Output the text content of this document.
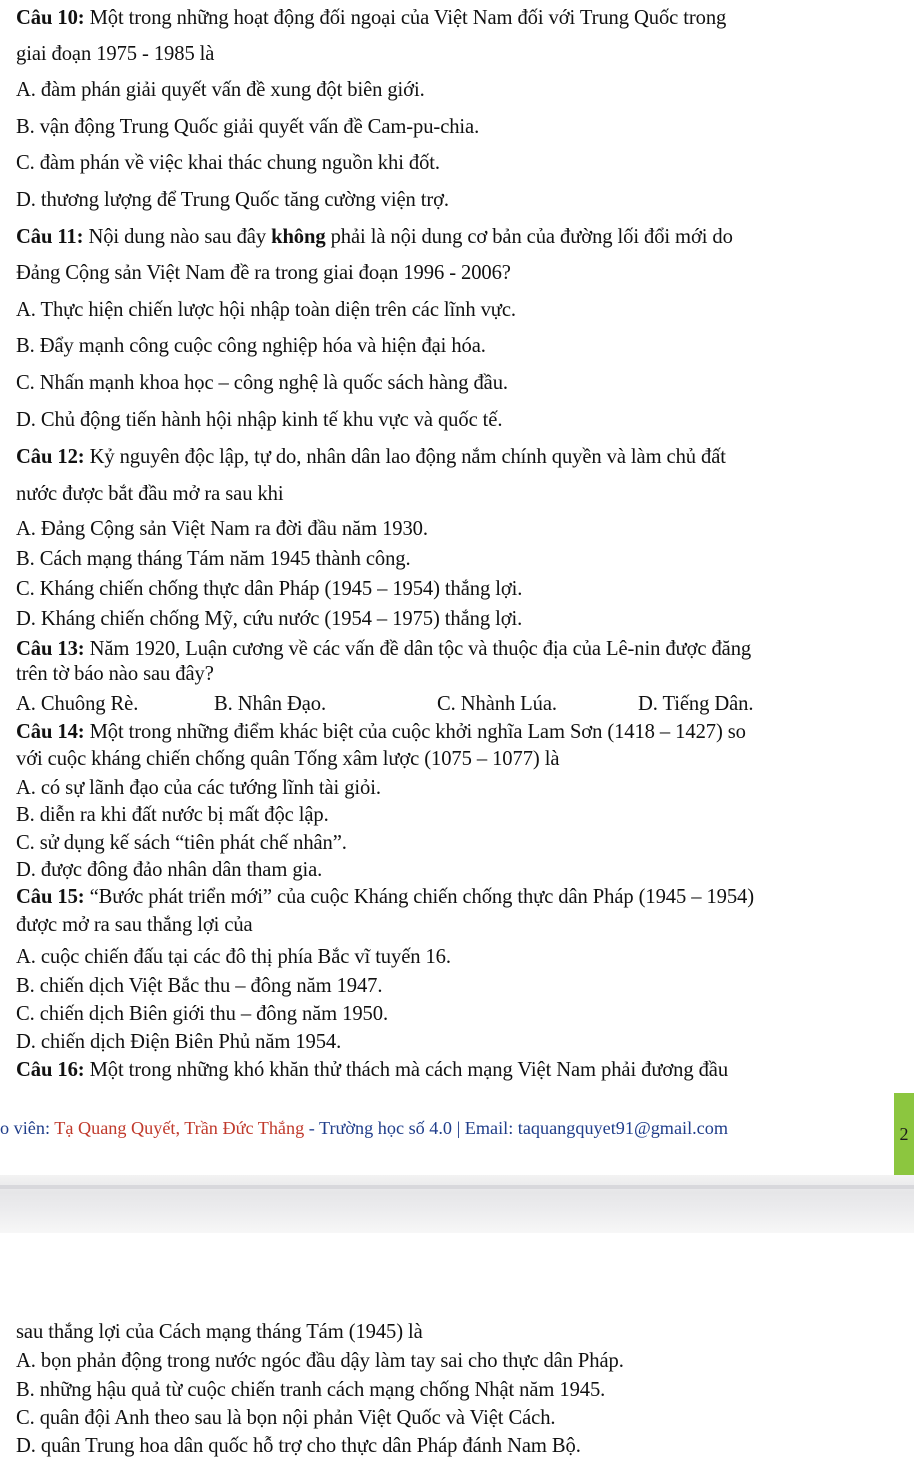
Câu 10: Một trong những hoạt động đối ngoại của Việt Nam đối với Trung Quốc trong
giai đoạn 1975 - 1985 là
A. đàm phán giải quyết vấn đề xung đột biên giới.
B. vận động Trung Quốc giải quyết vấn đề Cam-pu-chia.
C. đàm phán về việc khai thác chung nguồn khi đốt.
D. thương lượng để Trung Quốc tăng cường viện trợ.
Câu 11: Nội dung nào sau đây không phải là nội dung cơ bản của đường lối đổi mới do
Đảng Cộng sản Việt Nam đề ra trong giai đoạn 1996 - 2006?
A. Thực hiện chiến lược hội nhập toàn diện trên các lĩnh vực.
B. Đẩy mạnh công cuộc công nghiệp hóa và hiện đại hóa.
C. Nhấn mạnh khoa học – công nghệ là quốc sách hàng đầu.
D. Chủ động tiến hành hội nhập kinh tế khu vực và quốc tế.
Câu 12: Kỷ nguyên độc lập, tự do, nhân dân lao động nắm chính quyền và làm chủ đất
nước được bắt đầu mở ra sau khi
A. Đảng Cộng sản Việt Nam ra đời đầu năm 1930.
B. Cách mạng tháng Tám năm 1945 thành công.
C. Kháng chiến chống thực dân Pháp (1945 – 1954) thắng lợi.
D. Kháng chiến chống Mỹ, cứu nước (1954 – 1975) thắng lợi.
Câu 13: Năm 1920, Luận cương về các vấn đề dân tộc và thuộc địa của Lê-nin được đăng
trên tờ báo nào sau đây?
A. Chuông Rè.	B. Nhân Đạo.	C. Nhành Lúa.	D. Tiếng Dân.
Câu 14: Một trong những điểm khác biệt của cuộc khởi nghĩa Lam Sơn (1418 – 1427) so
với cuộc kháng chiến chống quân Tống xâm lược (1075 – 1077) là
A. có sự lãnh đạo của các tướng lĩnh tài giỏi.
B. diễn ra khi đất nước bị mất độc lập.
C. sử dụng kế sách “tiên phát chế nhân”.
D. được đông đảo nhân dân tham gia.
Câu 15: “Bước phát triển mới” của cuộc Kháng chiến chống thực dân Pháp (1945 – 1954)
được mở ra sau thắng lợi của
A. cuộc chiến đấu tại các đô thị phía Bắc vĩ tuyến 16.
B. chiến dịch Việt Bắc thu – đông năm 1947.
C. chiến dịch Biên giới thu – đông năm 1950.
D. chiến dịch Điện Biên Phủ năm 1954.
Câu 16: Một trong những khó khăn thử thách mà cách mạng Việt Nam phải đương đầu
o viên: Tạ Quang Quyết, Trần Đức Thắng - Trường học số 4.0 | Email: taquangquyet91@gmail.com	2
sau thắng lợi của Cách mạng tháng Tám (1945) là
A. bọn phản động trong nước ngóc đầu dậy làm tay sai cho thực dân Pháp.
B. những hậu quả từ cuộc chiến tranh cách mạng chống Nhật năm 1945.
C. quân đội Anh theo sau là bọn nội phản Việt Quốc và Việt Cách.
D. quân Trung hoa dân quốc hỗ trợ cho thực dân Pháp đánh Nam Bộ.
